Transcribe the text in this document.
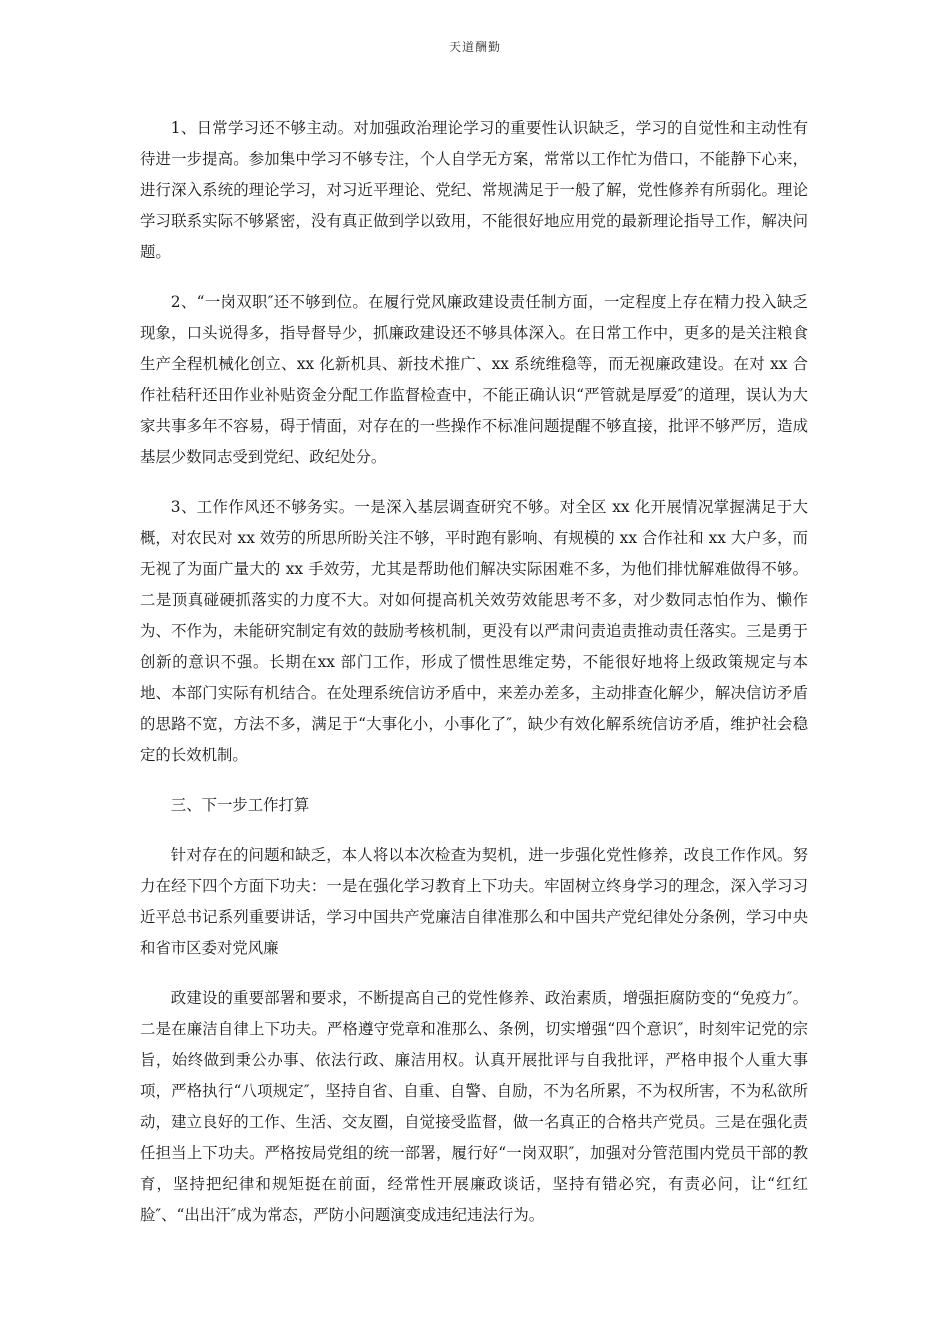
天道酬勤

1、日常学习还不够主动。对加强政治理论学习的重要性认识缺乏，学习的自觉性和主动性有待进一步提高。参加集中学习不够专注，个人自学无方案，常常以工作忙为借口，不能静下心来，进行深入系统的理论学习，对习近平理论、党纪、常规满足于一般了解，党性修养有所弱化。理论学习联系实际不够紧密，没有真正做到学以致用，不能很好地应用党的最新理论指导工作，解决问题。

2、“一岗双职″还不够到位。在履行党风廉政建设责任制方面，一定程度上存在精力投入缺乏现象，口头说得多，指导督导少，抓廉政建设还不够具体深入。在日常工作中，更多的是关注粮食生产全程机械化创立、xx 化新机具、新技术推广、xx 系统维稳等，而无视廉政建设。在对 xx 合作社秸秆还田作业补贴资金分配工作监督检查中，不能正确认识“严管就是厚爱″的道理，误认为大家共事多年不容易，碍于情面，对存在的一些操作不标准问题提醒不够直接，批评不够严厉，造成基层少数同志受到党纪、政纪处分。

3、工作作风还不够务实。一是深入基层调查研究不够。对全区 xx 化开展情况掌握满足于大概，对农民对 xx 效劳的所思所盼关注不够，平时跑有影响、有规模的 xx 合作社和 xx 大户多，而无视了为面广量大的 xx 手效劳，尤其是帮助他们解决实际困难不多，为他们排忧解难做得不够。二是顶真碰硬抓落实的力度不大。对如何提高机关效劳效能思考不多，对少数同志怕作为、懒作为、不作为，未能研究制定有效的鼓励考核机制，更没有以严肃问责追责推动责任落实。三是勇于创新的意识不强。长期在xx 部门工作，形成了惯性思维定势，不能很好地将上级政策规定与本地、本部门实际有机结合。在处理系统信访矛盾中，来差办差多，主动排查化解少，解决信访矛盾的思路不宽，方法不多，满足于“大事化小，小事化了″，缺少有效化解系统信访矛盾，维护社会稳定的长效机制。

三、下一步工作打算

针对存在的问题和缺乏，本人将以本次检查为契机，进一步强化党性修养，改良工作作风。努力在经下四个方面下功夫：一是在强化学习教育上下功夫。牢固树立终身学习的理念，深入学习习近平总书记系列重要讲话，学习中国共产党廉洁自律准那么和中国共产党纪律处分条例，学习中央和省市区委对党风廉

政建设的重要部署和要求，不断提高自己的党性修养、政治素质，增强拒腐防变的“免疫力″。二是在廉洁自律上下功夫。严格遵守党章和准那么、条例，切实增强“四个意识″，时刻牢记党的宗旨，始终做到秉公办事、依法行政、廉洁用权。认真开展批评与自我批评，严格申报个人重大事项，严格执行“八项规定″，坚持自省、自重、自警、自励，不为名所累，不为权所害，不为私欲所动，建立良好的工作、生活、交友圈，自觉接受监督，做一名真正的合格共产党员。三是在强化责任担当上下功夫。严格按局党组的统一部署，履行好“一岗双职″，加强对分管范围内党员干部的教育，坚持把纪律和规矩挺在前面，经常性开展廉政谈话，坚持有错必究，有责必问，让“红红脸″、“出出汗″成为常态，严防小问题演变成违纪违法行为。
